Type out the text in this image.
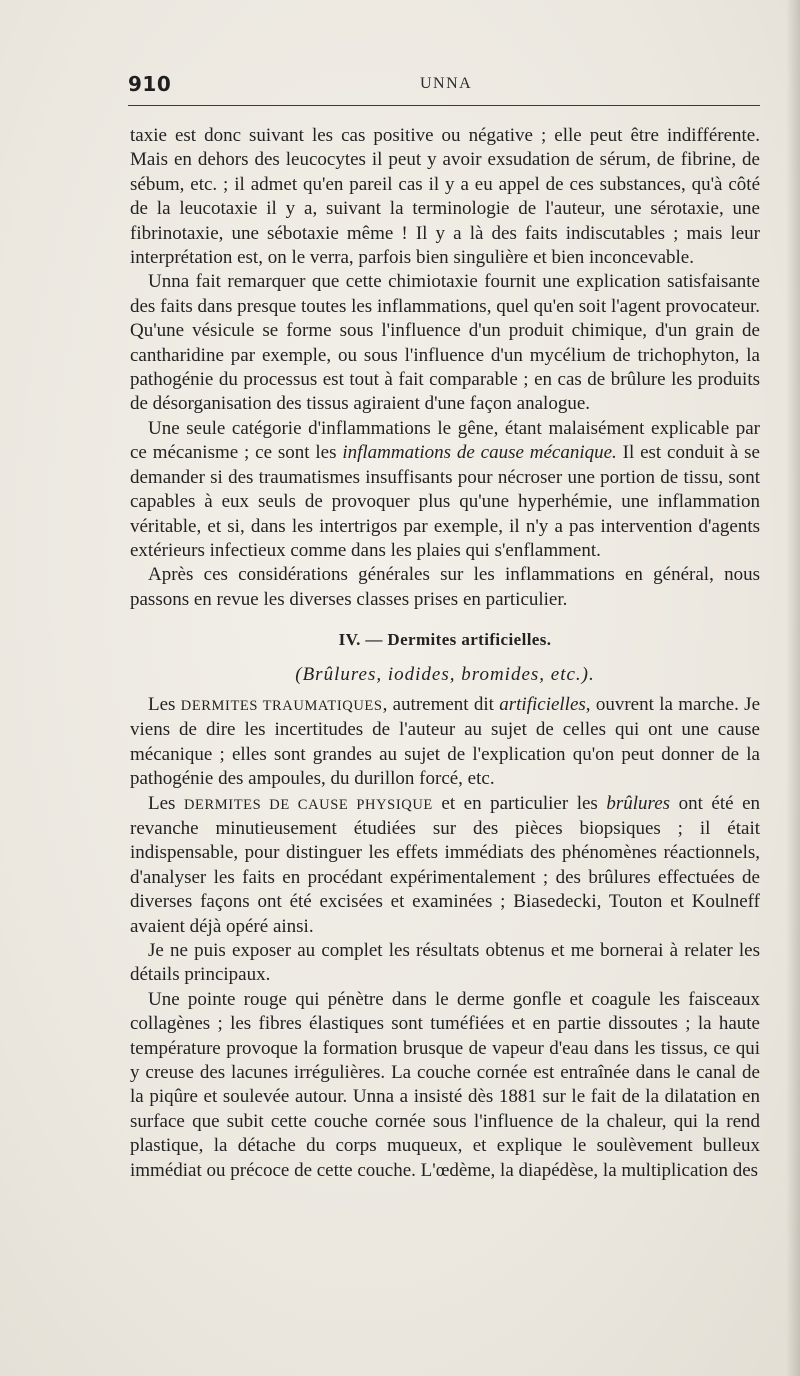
910	UNNA

taxie est donc suivant les cas positive ou négative ; elle peut être indifférente. Mais en dehors des leucocytes il peut y avoir exsudation de sérum, de fibrine, de sébum, etc. ; il admet qu'en pareil cas il y a eu appel de ces substances, qu'à côté de la leucotaxie il y a, suivant la terminologie de l'auteur, une sérotaxie, une fibrinotaxie, une sébotaxie même ! Il y a là des faits indiscutables ; mais leur interprétation est, on le verra, parfois bien singulière et bien inconcevable.

Unna fait remarquer que cette chimiotaxie fournit une explication satisfaisante des faits dans presque toutes les inflammations, quel qu'en soit l'agent provocateur. Qu'une vésicule se forme sous l'influence d'un produit chimique, d'un grain de cantharidine par exemple, ou sous l'influence d'un mycélium de trichophyton, la pathogénie du processus est tout à fait comparable ; en cas de brûlure les produits de désorganisation des tissus agiraient d'une façon analogue.

Une seule catégorie d'inflammations le gêne, étant malaisément explicable par ce mécanisme ; ce sont les inflammations de cause mécanique. Il est conduit à se demander si des traumatismes insuffisants pour nécroser une portion de tissu, sont capables à eux seuls de provoquer plus qu'une hyperhémie, une inflammation véritable, et si, dans les intertrigos par exemple, il n'y a pas intervention d'agents extérieurs infectieux comme dans les plaies qui s'enflamment.

Après ces considérations générales sur les inflammations en général, nous passons en revue les diverses classes prises en particulier.

IV. — Dermites artificielles.

(Brûlures, iodides, bromides, etc.).

Les DERMITES TRAUMATIQUES, autrement dit artificielles, ouvrent la marche. Je viens de dire les incertitudes de l'auteur au sujet de celles qui ont une cause mécanique ; elles sont grandes au sujet de l'explication qu'on peut donner de la pathogénie des ampoules, du durillon forcé, etc.

Les DERMITES DE CAUSE PHYSIQUE et en particulier les brûlures ont été en revanche minutieusement étudiées sur des pièces biopsiques ; il était indispensable, pour distinguer les effets immédiats des phénomènes réactionnels, d'analyser les faits en procédant expérimentalement ; des brûlures effectuées de diverses façons ont été excisées et examinées ; Biasedecki, Touton et Koulneff avaient déjà opéré ainsi.

Je ne puis exposer au complet les résultats obtenus et me bornerai à relater les détails principaux.

Une pointe rouge qui pénètre dans le derme gonfle et coagule les faisceaux collagènes ; les fibres élastiques sont tuméfiées et en partie dissoutes ; la haute température provoque la formation brusque de vapeur d'eau dans les tissus, ce qui y creuse des lacunes irrégulières. La couche cornée est entraînée dans le canal de la piqûre et soulevée autour. Unna a insisté dès 1881 sur le fait de la dilatation en surface que subit cette couche cornée sous l'influence de la chaleur, qui la rend plastique, la détache du corps muqueux, et explique le soulèvement bulleux immédiat ou précoce de cette couche. L'œdème, la diapédèse, la multiplication des
